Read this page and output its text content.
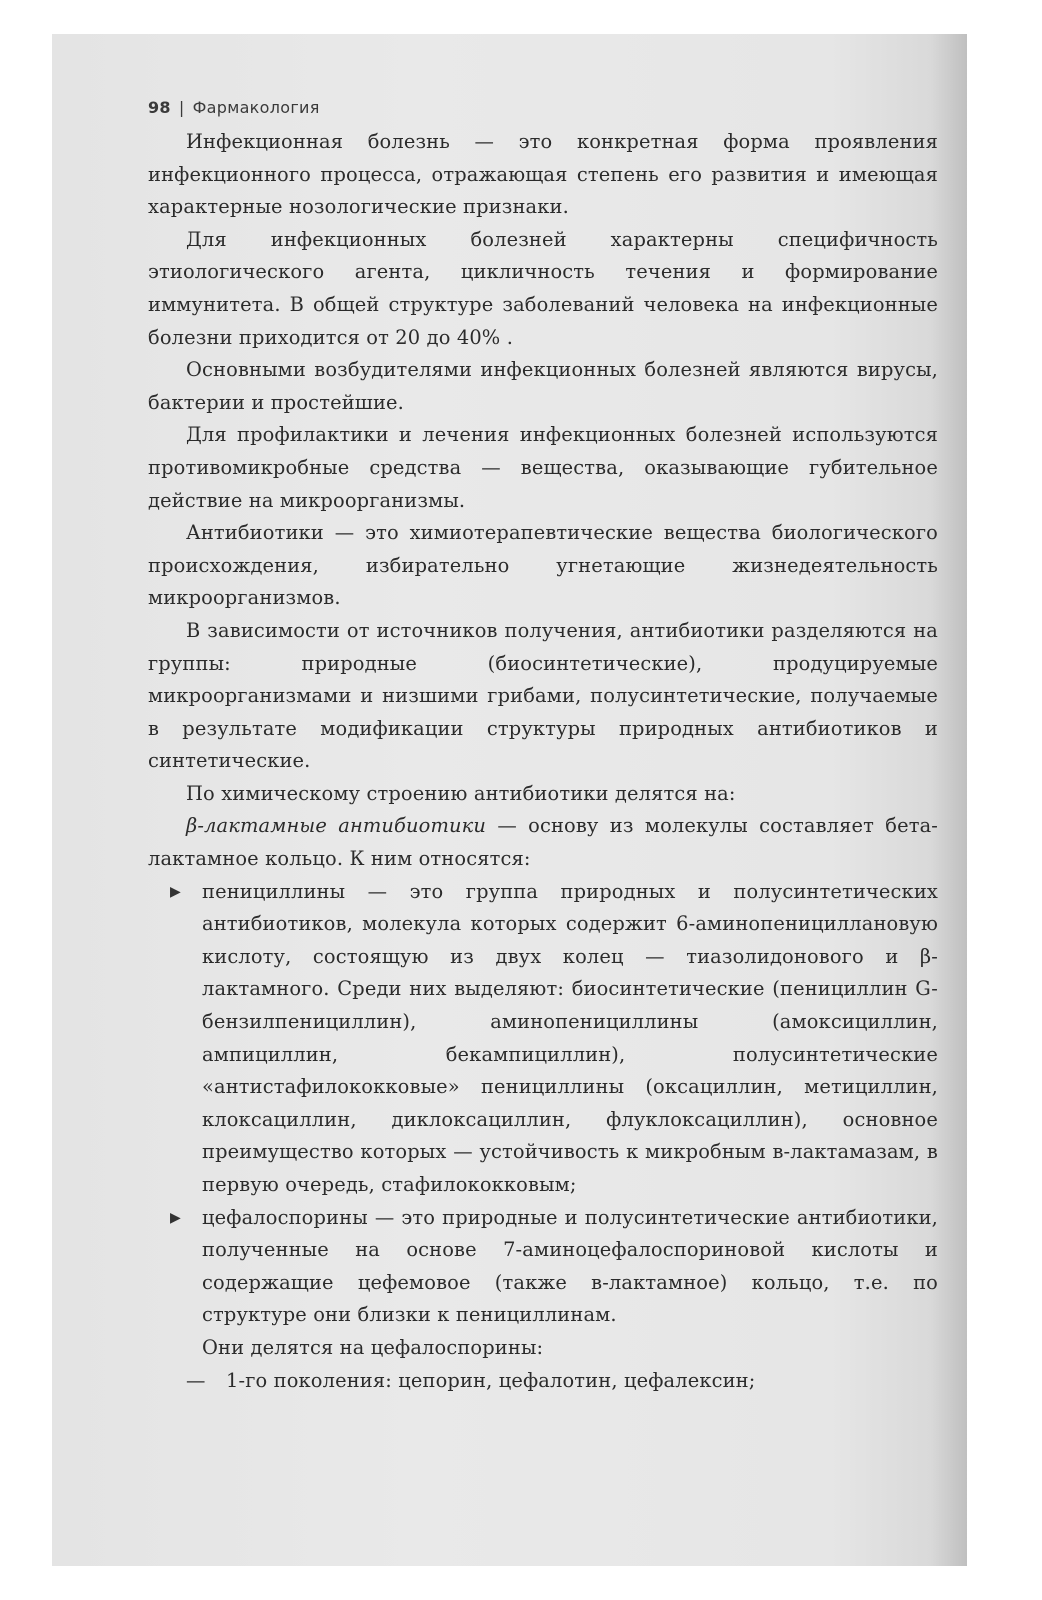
98 | Фармакология

Инфекционная болезнь — это конкретная форма проявления инфекционного процесса, отражающая степень его развития и имеющая характерные нозологические признаки.

Для инфекционных болезней характерны специфичность этиологического агента, цикличность течения и формирование иммунитета. В общей структуре заболеваний человека на инфекционные болезни приходится от 20 до 40% .

Основными возбудителями инфекционных болезней являются вирусы, бактерии и простейшие.

Для профилактики и лечения инфекционных болезней используются противомикробные средства — вещества, оказывающие губительное действие на микроорганизмы.

Антибиотики — это химиотерапевтические вещества биологического происхождения, избирательно угнетающие жизнедеятельность микроорганизмов.

В зависимости от источников получения, антибиотики разделяются на группы: природные (биосинтетические), продуцируемые микроорганизмами и низшими грибами, полусинтетические, получаемые в результате модификации структуры природных антибиотиков и синтетические.

По химическому строению антибиотики делятся на:

β-лактамные антибиотики — основу из молекулы составляет бета-лактамное кольцо. К ним относятся:

▶ пенициллины — это группа природных и полусинтетических антибиотиков, молекула которых содержит 6-аминопенициллановую кислоту, состоящую из двух колец — тиазолидонового и β-лактамного. Среди них выделяют: биосинтетические (пенициллин G-бензилпенициллин), аминопенициллины (амоксициллин, ампициллин, бекампициллин), полусинтетические «антистафилококковые» пенициллины (оксациллин, метициллин, клоксациллин, диклоксациллин, флуклоксациллин), основное преимущество которых — устойчивость к микробным в-лактамазам, в первую очередь, стафилококковым;
▶ цефалоспорины — это природные и полусинтетические антибиотики, полученные на основе 7-аминоцефалоспориновой кислоты и содержащие цефемовое (также в-лактамное) кольцо, т.е. по структуре они близки к пенициллинам.
Они делятся на цефалоспорины:
— 1-го поколения: цепорин, цефалотин, цефалексин;
